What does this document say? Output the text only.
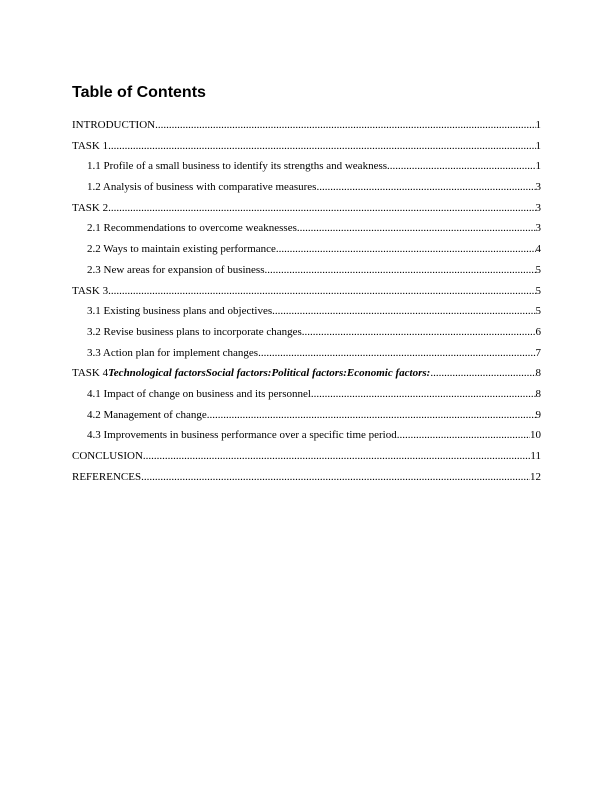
Table of Contents
INTRODUCTION .....	1
TASK 1 .....	1
1.1 Profile of a small business to identify its strengths and weakness .....	1
1.2 Analysis of business with comparative measures .....	3
TASK 2 .....	3
2.1 Recommendations to overcome weaknesses .....	3
2.2 Ways to maintain existing performance .....	4
2.3 New areas for expansion of business .....	5
TASK 3 .....	5
3.1 Existing business plans and objectives .....	5
3.2 Revise business plans to incorporate changes .....	6
3.3 Action plan for implement changes .....	7
TASK 4 Technological factorsSocial factors:Political factors:Economic factors: .....	8
4.1 Impact of change on business and its personnel .....	8
4.2 Management of change .....	9
4.3 Improvements in business performance over a specific time period .....	10
CONCLUSION .....	11
REFERENCES .....	12
